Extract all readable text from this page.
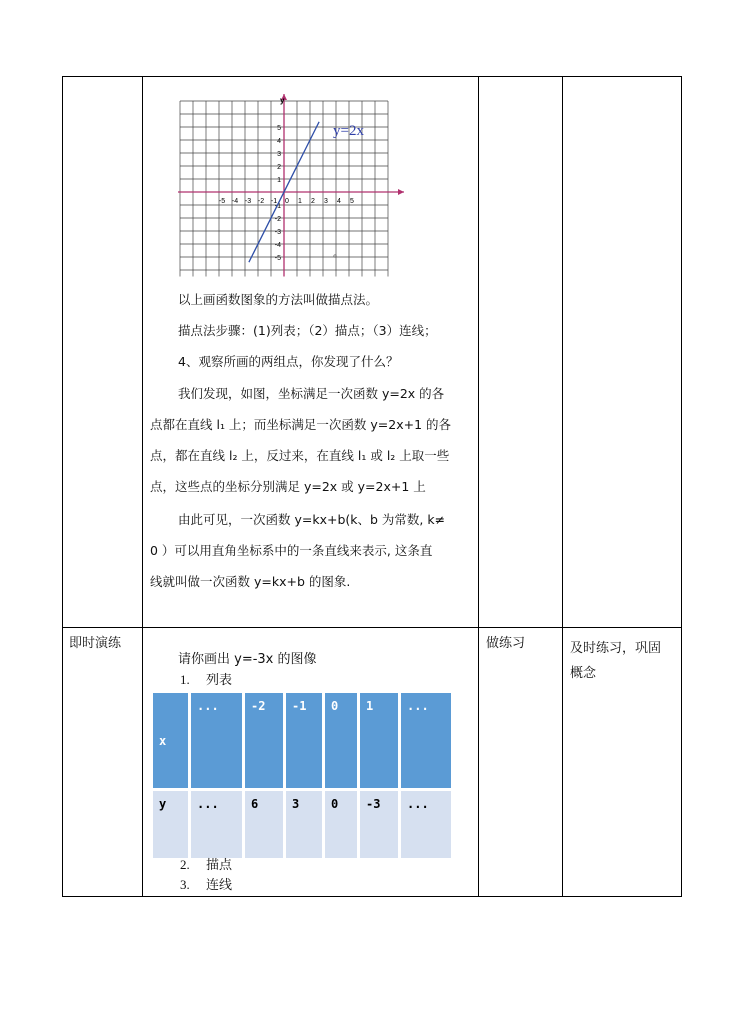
-5 -4 -3 -2 -1 0 1 2 3 4 5
5
4
3
2
1
-1
-2
-3
-4
-5
y=2x
y
以上画函数图象的方法叫做描点法。
描点法步骤：(1)列表；（2）描点；（3）连线；
4、观察所画的两组点，你发现了什么？
我们发现，如图，坐标满足一次函数 y=2x 的各
点都在直线 l₁ 上；而坐标满足一次函数 y=2x+1 的各
点，都在直线 l₂ 上，反过来，在直线 l₁ 或 l₂ 上取一些
点，这些点的坐标分别满足 y=2x 或 y=2x+1 上
由此可见，一次函数 y=kx+b(k、b 为常数, k≠
0 ）可以用直角坐标系中的一条直线来表示, 这条直
线就叫做一次函数 y=kx+b 的图象.
即时演练
请你画出 y=-3x 的图像
1. 列表
x	...	-2	-1	0	1	...
y	...	6	3	0	-3	...
2. 描点
3. 连线
做练习	及时练习，巩固
概念
